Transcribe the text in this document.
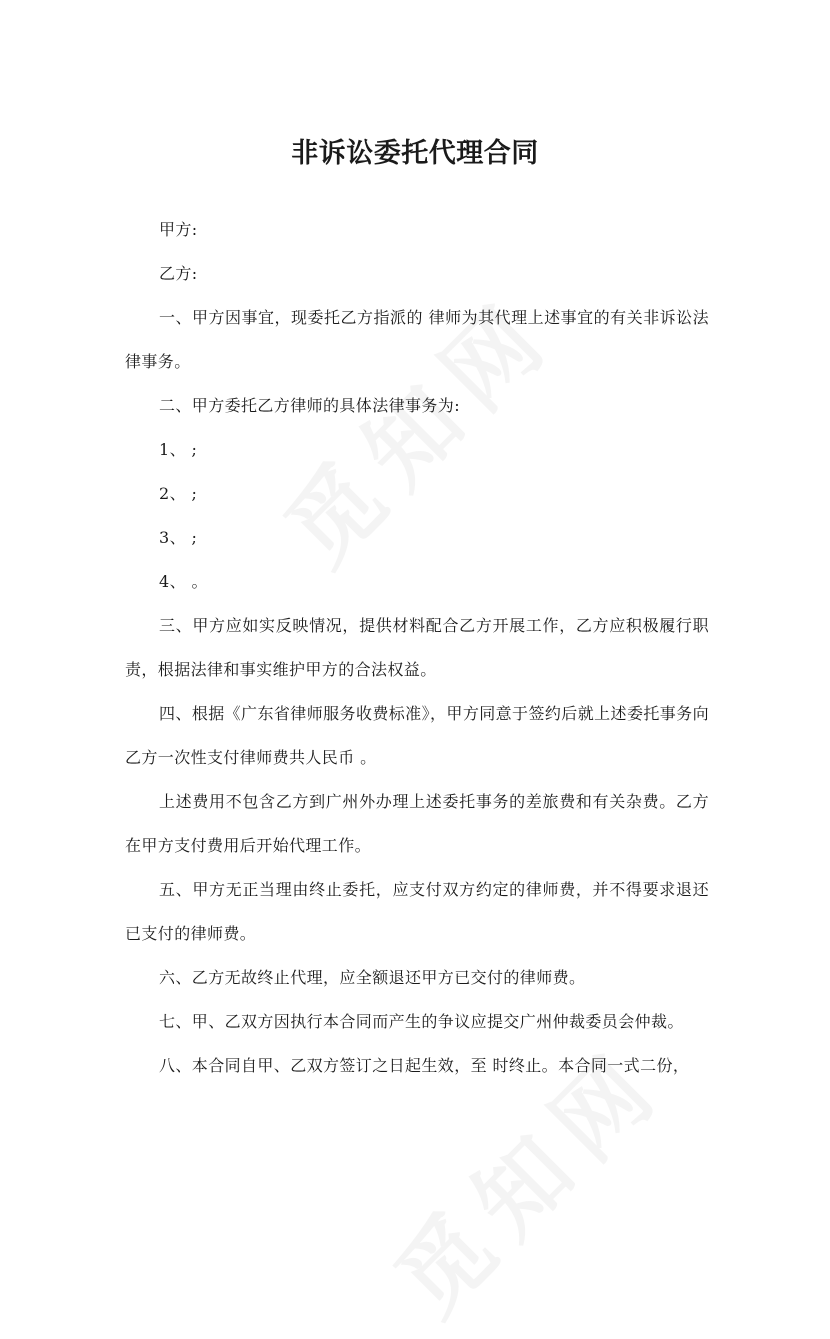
非诉讼委托代理合同

甲方:

乙方:

一、甲方因事宜，现委托乙方指派的 律师为其代理上述事宜的有关非诉讼法律事务。

二、甲方委托乙方律师的具体法律事务为:

1、 ;

2、 ;

3、 ;

4、 。

三、甲方应如实反映情况，提供材料配合乙方开展工作，乙方应积极履行职责，根据法律和事实维护甲方的合法权益。

四、根据《广东省律师服务收费标准》，甲方同意于签约后就上述委托事务向乙方一次性支付律师费共人民币 。

上述费用不包含乙方到广州外办理上述委托事务的差旅费和有关杂费。乙方在甲方支付费用后开始代理工作。

五、甲方无正当理由终止委托，应支付双方约定的律师费，并不得要求退还已支付的律师费。

六、乙方无故终止代理，应全额退还甲方已交付的律师费。

七、甲、乙双方因执行本合同而产生的争议应提交广州仲裁委员会仲裁。

八、本合同自甲、乙双方签订之日起生效，至 时终止。本合同一式二份，
